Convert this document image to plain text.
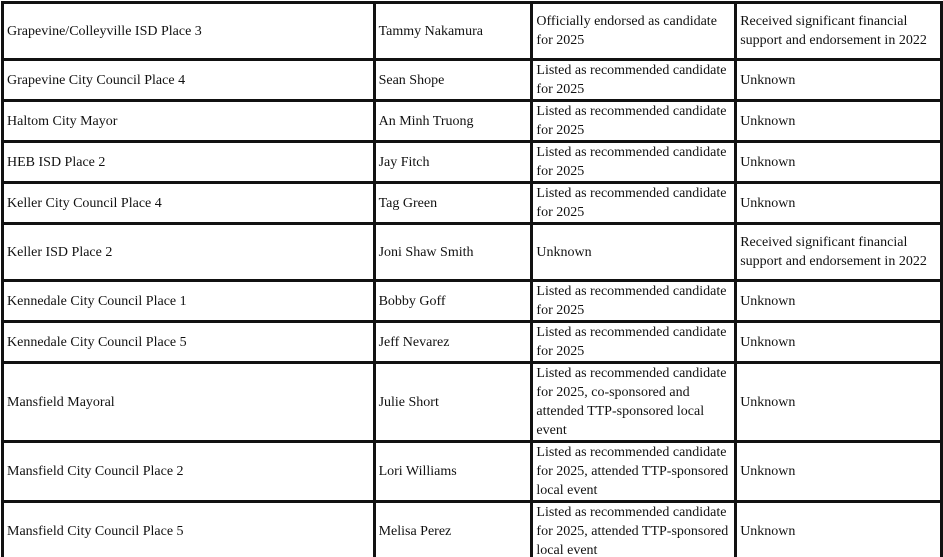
Grapevine/Colleyville ISD Place 3	Tammy Nakamura	Officially endorsed as candidate for 2025	Received significant financial support and endorsement in 2022
Grapevine City Council Place 4	Sean Shope	Listed as recommended candidate for 2025	Unknown
Haltom City Mayor	An Minh Truong	Listed as recommended candidate for 2025	Unknown
HEB ISD Place 2	Jay Fitch	Listed as recommended candidate for 2025	Unknown
Keller City Council Place 4	Tag Green	Listed as recommended candidate for 2025	Unknown
Keller ISD Place 2	Joni Shaw Smith	Unknown	Received significant financial support and endorsement in 2022
Kennedale City Council Place 1	Bobby Goff	Listed as recommended candidate for 2025	Unknown
Kennedale City Council Place 5	Jeff Nevarez	Listed as recommended candidate for 2025	Unknown
Mansfield Mayoral	Julie Short	Listed as recommended candidate for 2025, co-sponsored and attended TTP-sponsored local event	Unknown
Mansfield City Council Place 2	Lori Williams	Listed as recommended candidate for 2025, attended TTP-sponsored local event	Unknown
Mansfield City Council Place 5	Melisa Perez	Listed as recommended candidate for 2025, attended TTP-sponsored local event	Unknown
